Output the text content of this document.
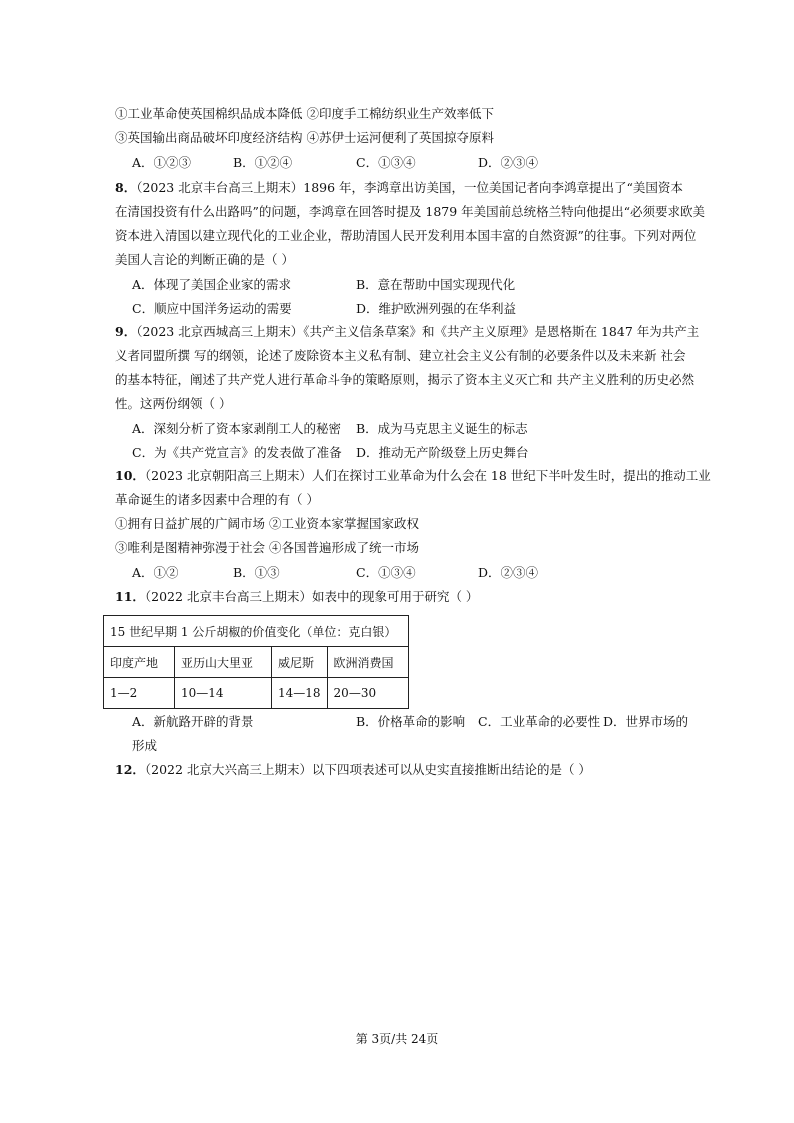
①工业革命使英国棉织品成本降低 ②印度手工棉纺织业生产效率低下
③英国输出商品破坏印度经济结构 ④苏伊士运河便利了英国掠夺原料
A．①②③	B．①②④	C．①③④	D．②③④
8．（2023 北京丰台高三上期末）1896 年，李鸿章出访美国，一位美国记者向李鸿章提出了“美国资本
在清国投资有什么出路吗”的问题，李鸿章在回答时提及 1879 年美国前总统格兰特向他提出“必须要求欧美
资本进入清国以建立现代化的工业企业，帮助清国人民开发利用本国丰富的自然资源”的往事。下列对两位
美国人言论的判断正确的是（ ）
A．体现了美国企业家的需求	B．意在帮助中国实现现代化
C．顺应中国洋务运动的需要	D．维护欧洲列强的在华利益
9．（2023 北京西城高三上期末）《共产主义信条草案》和《共产主义原理》是恩格斯在 1847 年为共产主
义者同盟所撰 写的纲领，论述了废除资本主义私有制、建立社会主义公有制的必要条件以及未来新 社会
的基本特征，阐述了共产党人进行革命斗争的策略原则，揭示了资本主义灭亡和 共产主义胜利的历史必然
性。这两份纲领（ ）
A．深刻分析了资本家剥削工人的秘密 B．成为马克思主义诞生的标志
C．为《共产党宣言》的发表做了准备 D．推动无产阶级登上历史舞台
10．（2023 北京朝阳高三上期末）人们在探讨工业革命为什么会在 18 世纪下半叶发生时，提出的推动工业
革命诞生的诸多因素中合理的有（ ）
①拥有日益扩展的广阔市场 ②工业资本家掌握国家政权
③唯利是图精神弥漫于社会 ④各国普遍形成了统一市场
A．①②	B．①③	C．①③④	D．②③④
11．（2022 北京丰台高三上期末）如表中的现象可用于研究（ ）
15 世纪早期 1 公斤胡椒的价值变化（单位：克白银）			
印度产地	亚历山大里亚	威尼斯	欧洲消费国
1—2	10—14	14—18	20—30
A．新航路开辟的背景	B．价格革命的影响 C．工业革命的必要性 D．世界市场的
形成
12．（2022 北京大兴高三上期末）以下四项表述可以从史实直接推断出结论的是（ ）
第 3页/共 24页
